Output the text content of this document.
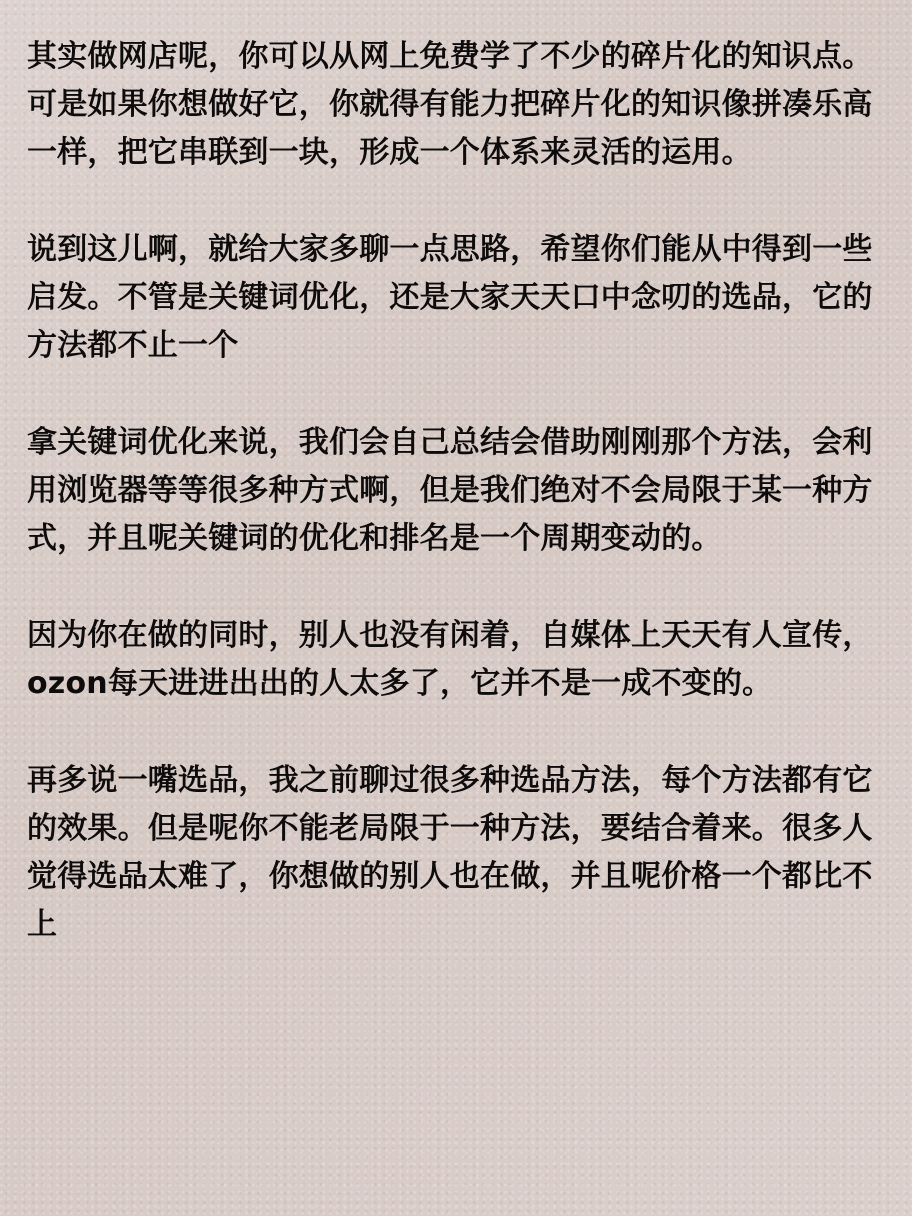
其实做网店呢，你可以从网上免费学了不少的碎片化的知识点。可是如果你想做好它，你就得有能力把碎片化的知识像拼凑乐高一样，把它串联到一块，形成一个体系来灵活的运用。

说到这儿啊，就给大家多聊一点思路，希望你们能从中得到一些启发。不管是关键词优化，还是大家天天口中念叨的选品，它的方法都不止一个

拿关键词优化来说，我们会自己总结会借助刚刚那个方法，会利用浏览器等等很多种方式啊，但是我们绝对不会局限于某一种方式，并且呢关键词的优化和排名是一个周期变动的。

因为你在做的同时，别人也没有闲着，自媒体上天天有人宣传，ozon每天进进出出的人太多了，它并不是一成不变的。

再多说一嘴选品，我之前聊过很多种选品方法，每个方法都有它的效果。但是呢你不能老局限于一种方法，要结合着来。很多人觉得选品太难了，你想做的别人也在做，并且呢价格一个都比不上
